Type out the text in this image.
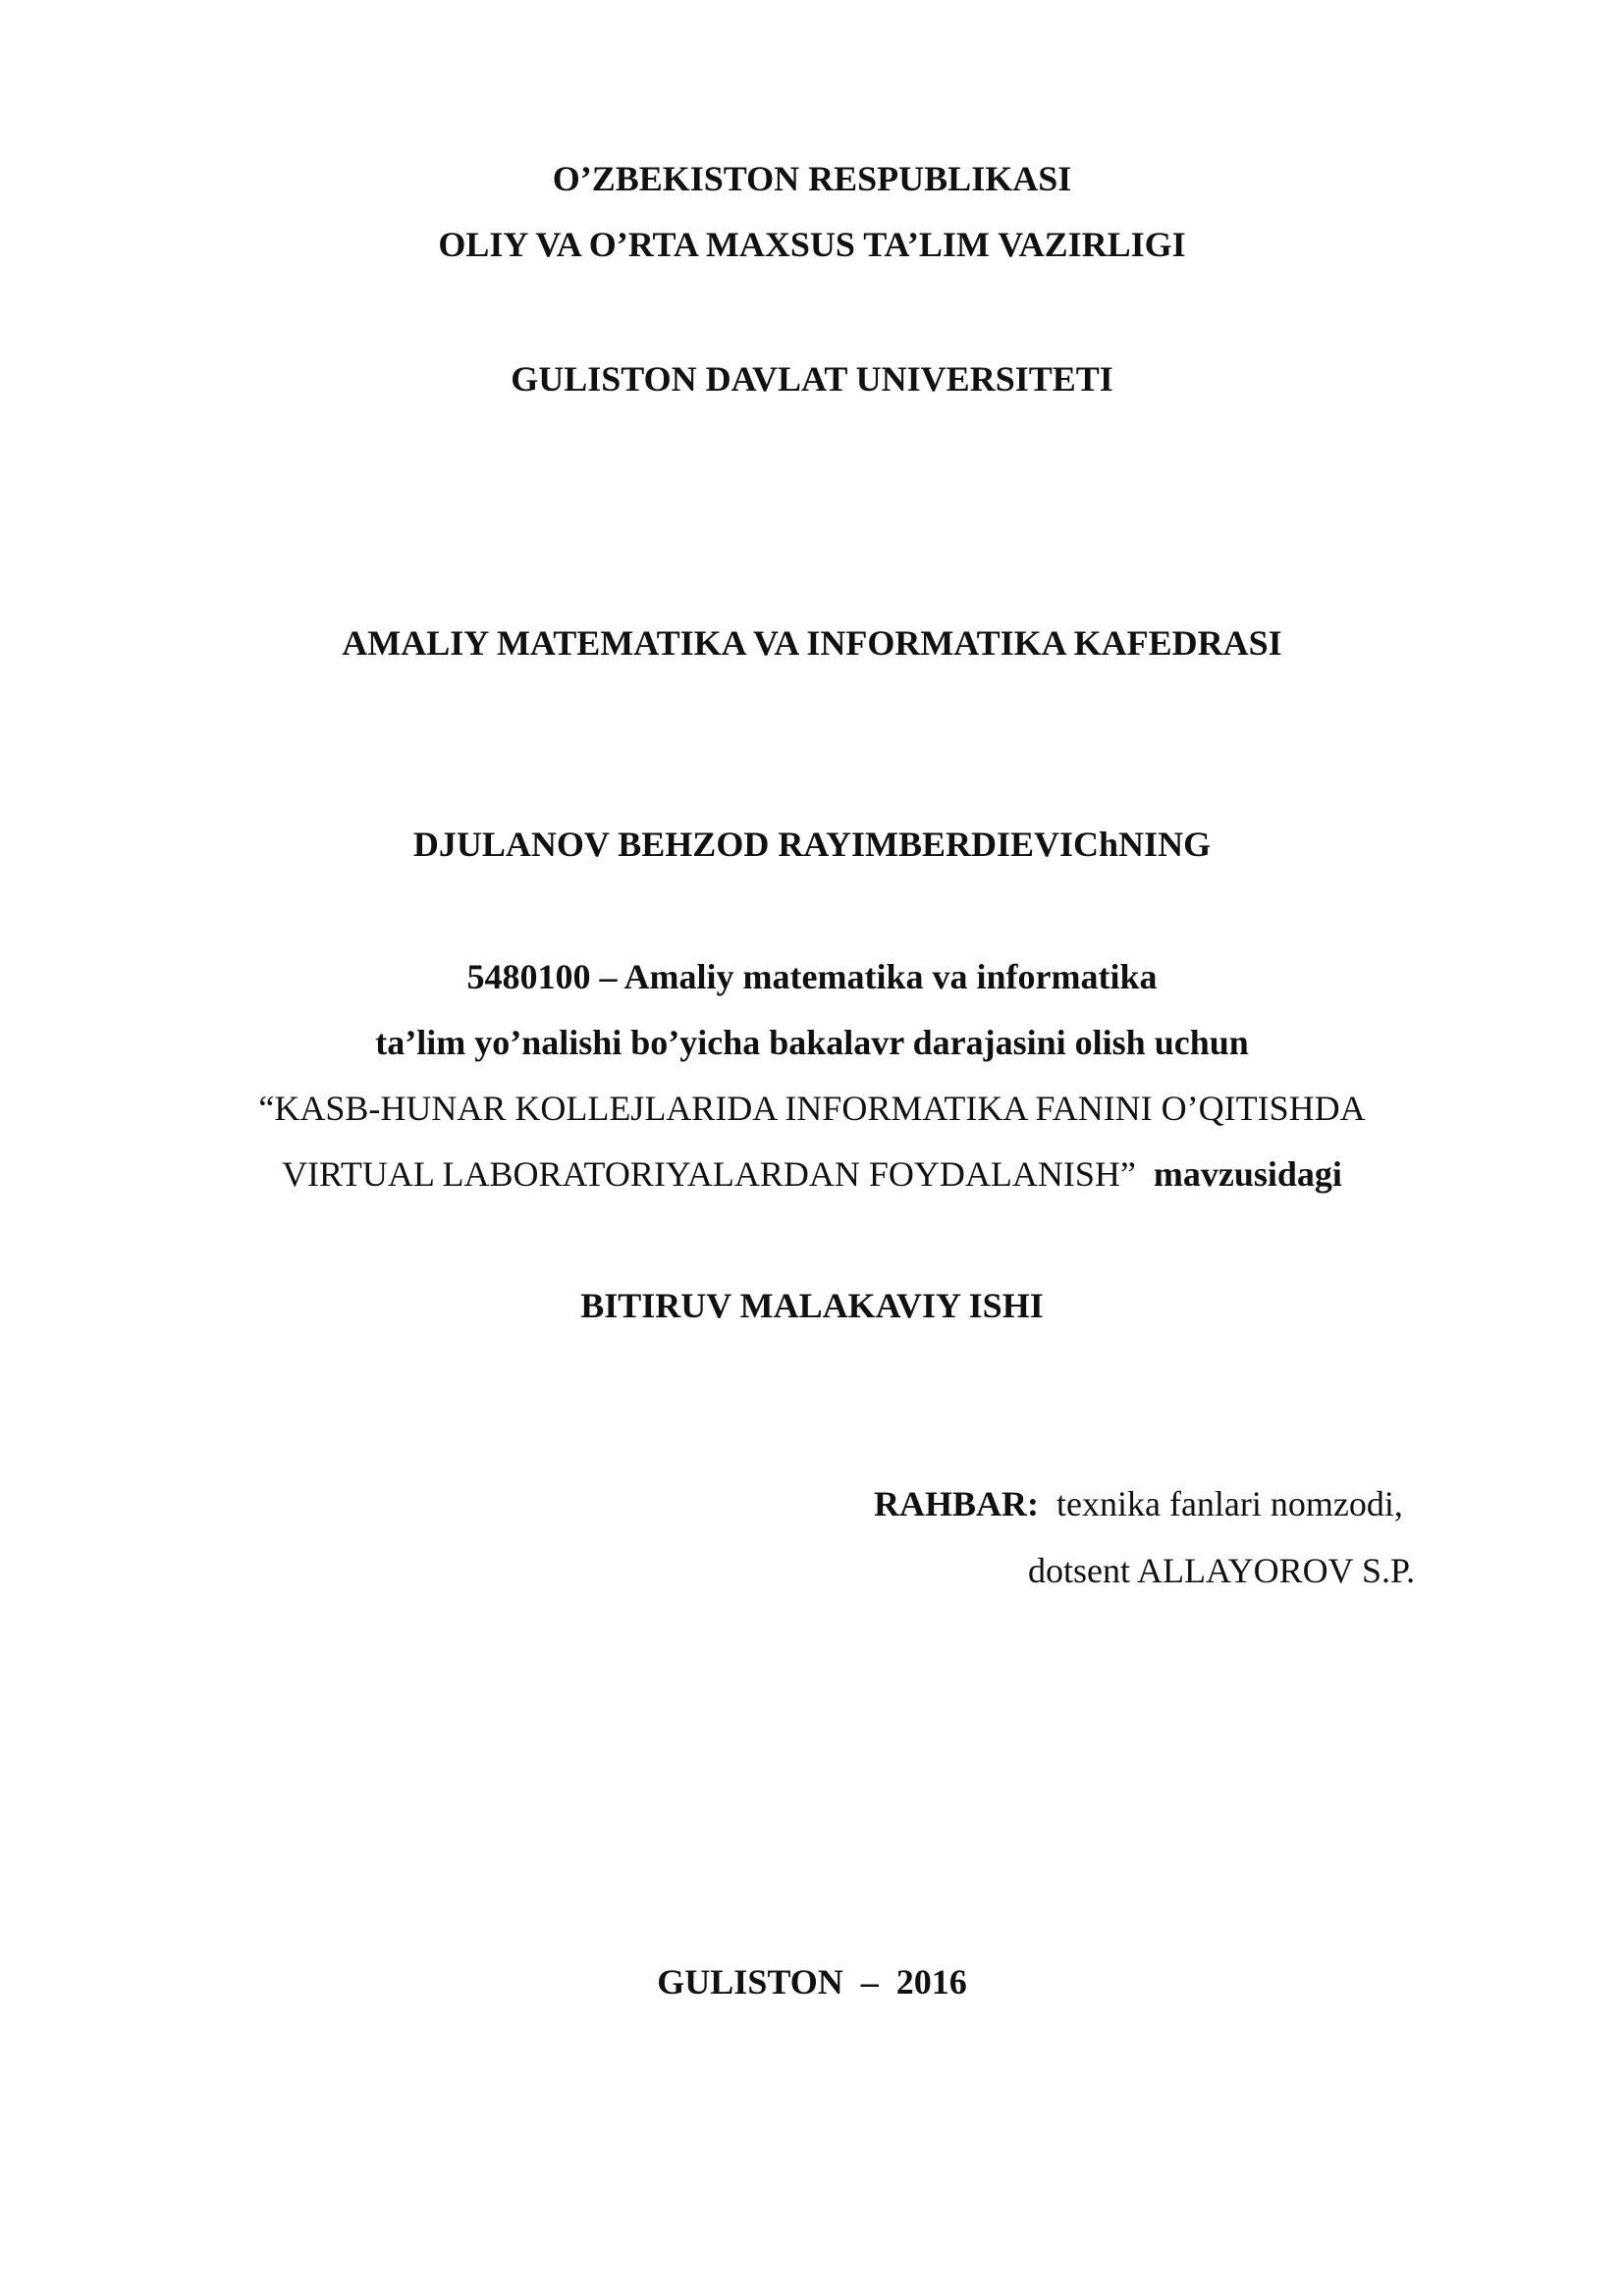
O’ZBEKISTON RESPUBLIKASI
OLIY VA O’RTA MAXSUS TA’LIM VAZIRLIGI
GULISTON DAVLAT UNIVERSITETI
AMALIY MATEMATIKA VA INFORMATIKA KAFEDRASI
DJULANOV BEHZOD RAYIMBERDIEVIChNING
5480100 – Amaliy matematika va informatika
ta’lim yo’nalishi bo’yicha bakalavr darajasini olish uchun
“KASB-HUNAR KOLLEJLARIDA INFORMATIKA FANINI O’QITISHDA
VIRTUAL LABORATORIYALARDAN FOYDALANISH” mavzusidagi
BITIRUV MALAKAVIY ISHI
RAHBAR: texnika fanlari nomzodi,
dotsent ALLAYOROV S.P.
GULISTON – 2016
